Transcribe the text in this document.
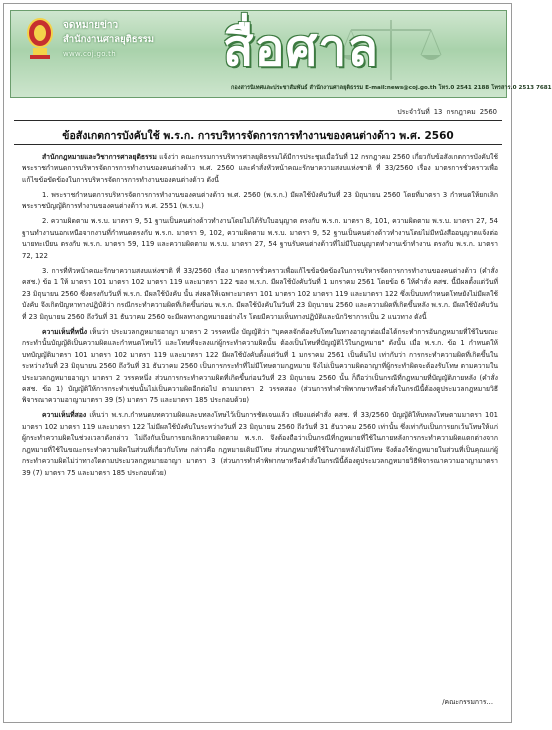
จดหมายข่าว
สำนักงานศาลยุติธรรม
www.coj.go.th	สื่อศาล
กองสารนิเทศและประชาสัมพันธ์ สำนักงานศาลยุติธรรม E-mail:news@coj.go.th โทร.0 2541 2188 โทรสาร.0 2513 7681
ประจำวันที่ 13 กรกฎาคม 2560
ข้อสังเกตการบังคับใช้ พ.ร.ก. การบริหารจัดการการทำงานของคนต่างด้าว พ.ศ. 2560

สำนักกฎหมายและวิชาการศาลยุติธรรม แจ้งว่า คณะกรรมการบริหารศาลยุติธรรมได้มีการประชุมเมื่อวันที่ 12 กรกฎาคม 2560 เกี่ยวกับข้อสังเกตการบังคับใช้พระราชกำหนดการบริหารจัดการการทำงานของคนต่างด้าว พ.ศ. 2560 และคำสั่งหัวหน้าคณะรักษาความสงบแห่งชาติ ที่ 33/2560 เรื่อง มาตรการชั่วคราวเพื่อแก้ไขข้อขัดข้องในการบริหารจัดการการทำงานของคนต่างด้าว ดังนี้

1. พระราชกำหนดการบริหารจัดการการทำงานของคนต่างด้าว พ.ศ. 2560 (พ.ร.ก.) มีผลใช้บังคับวันที่ 23 มิถุนายน 2560 โดยที่มาตรา 3 กำหนดให้ยกเลิกพระราชบัญญัติการทำงานของคนต่างด้าว พ.ศ. 2551 (พ.ร.บ.)

2. ความผิดตาม พ.ร.บ. มาตรา 9, 51 ฐานเป็นคนต่างด้าวทำงานโดยไม่ได้รับใบอนุญาต ตรงกับ พ.ร.ก. มาตรา 8, 101, ความผิดตาม พ.ร.บ. มาตรา 27, 54 ฐานทำงานนอกเหนือจากงานที่กำหนดตรงกับ พ.ร.ก. มาตรา 9, 102, ความผิดตาม พ.ร.บ. มาตรา 9, 52 ฐานเป็นคนต่างด้าวทำงานโดยไม่มีหนังสืออนุญาตแจ้งต่อนายทะเบียน ตรงกับ พ.ร.ก. มาตรา 59, 119 และความผิดตาม พ.ร.บ. มาตรา 27, 54 ฐานรับคนต่างด้าวที่ไม่มีใบอนุญาตทำงานเข้าทำงาน ตรงกับ พ.ร.ก. มาตรา 72, 122

3. การที่หัวหน้าคณะรักษาความสงบแห่งชาติ ที่ 33/2560 เรื่อง มาตรการชั่วคราวเพื่อแก้ไขข้อขัดข้องในการบริหารจัดการการทำงานของคนต่างด้าว (คำสั่ง คสช.) ข้อ 1 ให้ มาตรา 101 มาตรา 102 มาตรา 119 และมาตรา 122 ของ พ.ร.ก. มีผลใช้บังคับวันที่ 1 มกราคม 2561 โดยข้อ 6 ให้คำสั่ง คสช. นี้มีผลตั้งแต่วันที่ 23 มิถุนายน 2560 ซึ่งตรงกับวันที่ พ.ร.ก. มีผลใช้บังคับ นั้น ส่งผลให้เฉพาะมาตรา 101 มาตรา 102 มาตรา 119 และมาตรา 122 ซึ่งเป็นบทกำหนดโทษยังไม่มีผลใช้บังคับ จึงเกิดปัญหาทางปฏิบัติว่า กรณีกระทำความผิดที่เกิดขึ้นก่อน พ.ร.ก. มีผลใช้บังคับในวันที่ 23 มิถุนายน 2560 และความผิดที่เกิดขึ้นหลัง พ.ร.ก. มีผลใช้บังคับวันที่ 23 มิถุนายน 2560 ถึงวันที่ 31 ธันวาคม 2560 จะมีผลทางกฎหมายอย่างไร โดยมีความเห็นทางปฏิบัติและนักวิชาการเป็น 2 แนวทาง ดังนี้

ความเห็นที่หนึ่ง เห็นว่า ประมวลกฎหมายอาญา มาตรา 2 วรรคหนึ่ง บัญญัติว่า "บุคคลจักต้องรับโทษในทางอาญาต่อเมื่อได้กระทำการอันกฎหมายที่ใช้ในขณะกระทำนั้นบัญญัติเป็นความผิดและกำหนดโทษไว้ และโทษที่จะลงแก่ผู้กระทำความผิดนั้น ต้องเป็นโทษที่บัญญัติไว้ในกฎหมาย" ดังนั้น เมื่อ พ.ร.ก. ข้อ 1 กำหนดให้บทบัญญัติมาตรา 101 มาตรา 102 มาตรา 119 และมาตรา 122 มีผลใช้บังคับตั้งแต่วันที่ 1 มกราคม 2561 เป็นต้นไป เท่ากับว่า การกระทำความผิดที่เกิดขึ้นในระหว่างวันที่ 23 มิถุนายน 2560 ถึงวันที่ 31 ธันวาคม 2560 เป็นการกระทำที่ไม่มีโทษตามกฎหมาย จึงไม่เป็นความผิดอาญาที่ผู้กระทำผิดจะต้องรับโทษ ตามความในประมวลกฎหมายอาญา มาตรา 2 วรรคหนึ่ง ส่วนการกระทำความผิดที่เกิดขึ้นก่อนวันที่ 23 มิถุนายน 2560 นั้น ก็ถือว่าเป็นกรณีที่กฎหมายที่บัญญัติภายหลัง (คำสั่ง คสช. ข้อ 1) บัญญัติให้การกระทำเช่นนั้นไม่เป็นความผิดอีกต่อไป ตามมาตรา 2 วรรคสอง (ส่วนการทำคำพิพากษาหรือคำสั่งในกรณีนี้ต้องดูประมวลกฎหมายวิธีพิจารณาความอาญามาตรา 39 (5) มาตรา 75 และมาตรา 185 ประกอบด้วย)

ความเห็นที่สอง เห็นว่า พ.ร.ก.กำหนดบทความผิดและบทลงโทษไว้เป็นการชัดเจนแล้ว เพียงแต่คำสั่ง คสช. ที่ 33/2560 บัญญัติให้บทลงโทษตามมาตรา 101 มาตรา 102 มาตรา 119 และมาตรา 122 ไม่มีผลใช้บังคับในระหว่างวันที่ 23 มิถุนายน 2560 ถึงวันที่ 31 ธันวาคม 2560 เท่านั้น ซึ่งเท่ากับเป็นการยกเว้นโทษให้แก่ผู้กระทำความผิดในช่วงเวลาดังกล่าว ไม่ถึงกับเป็นการยกเลิกความผิดตาม พ.ร.ก. จึงต้องถือว่าเป็นกรณีที่กฎหมายที่ใช้ในภายหลังการกระทำความผิดแตกต่างจากกฎหมายที่ใช้ในขณะกระทำความผิดในส่วนที่เกี่ยวกับโทษ กล่าวคือ กฎหมายเดิมมีโทษ ส่วนกฎหมายที่ใช้ในภายหลังไม่มีโทษ จึงต้องใช้กฎหมายในส่วนที่เป็นคุณแก่ผู้กระทำความผิดไม่ว่าทางใดตามประมวลกฎหมายอาญา มาตรา 3 (ส่วนการทำคำพิพากษาหรือคำสั่งในกรณีนี้ต้องดูประมวลกฎหมายวิธีพิจารณาความอาญามาตรา 39 (7) มาตรา 75 และมาตรา 185 ประกอบด้วย)

/คณะกรรมการ...
